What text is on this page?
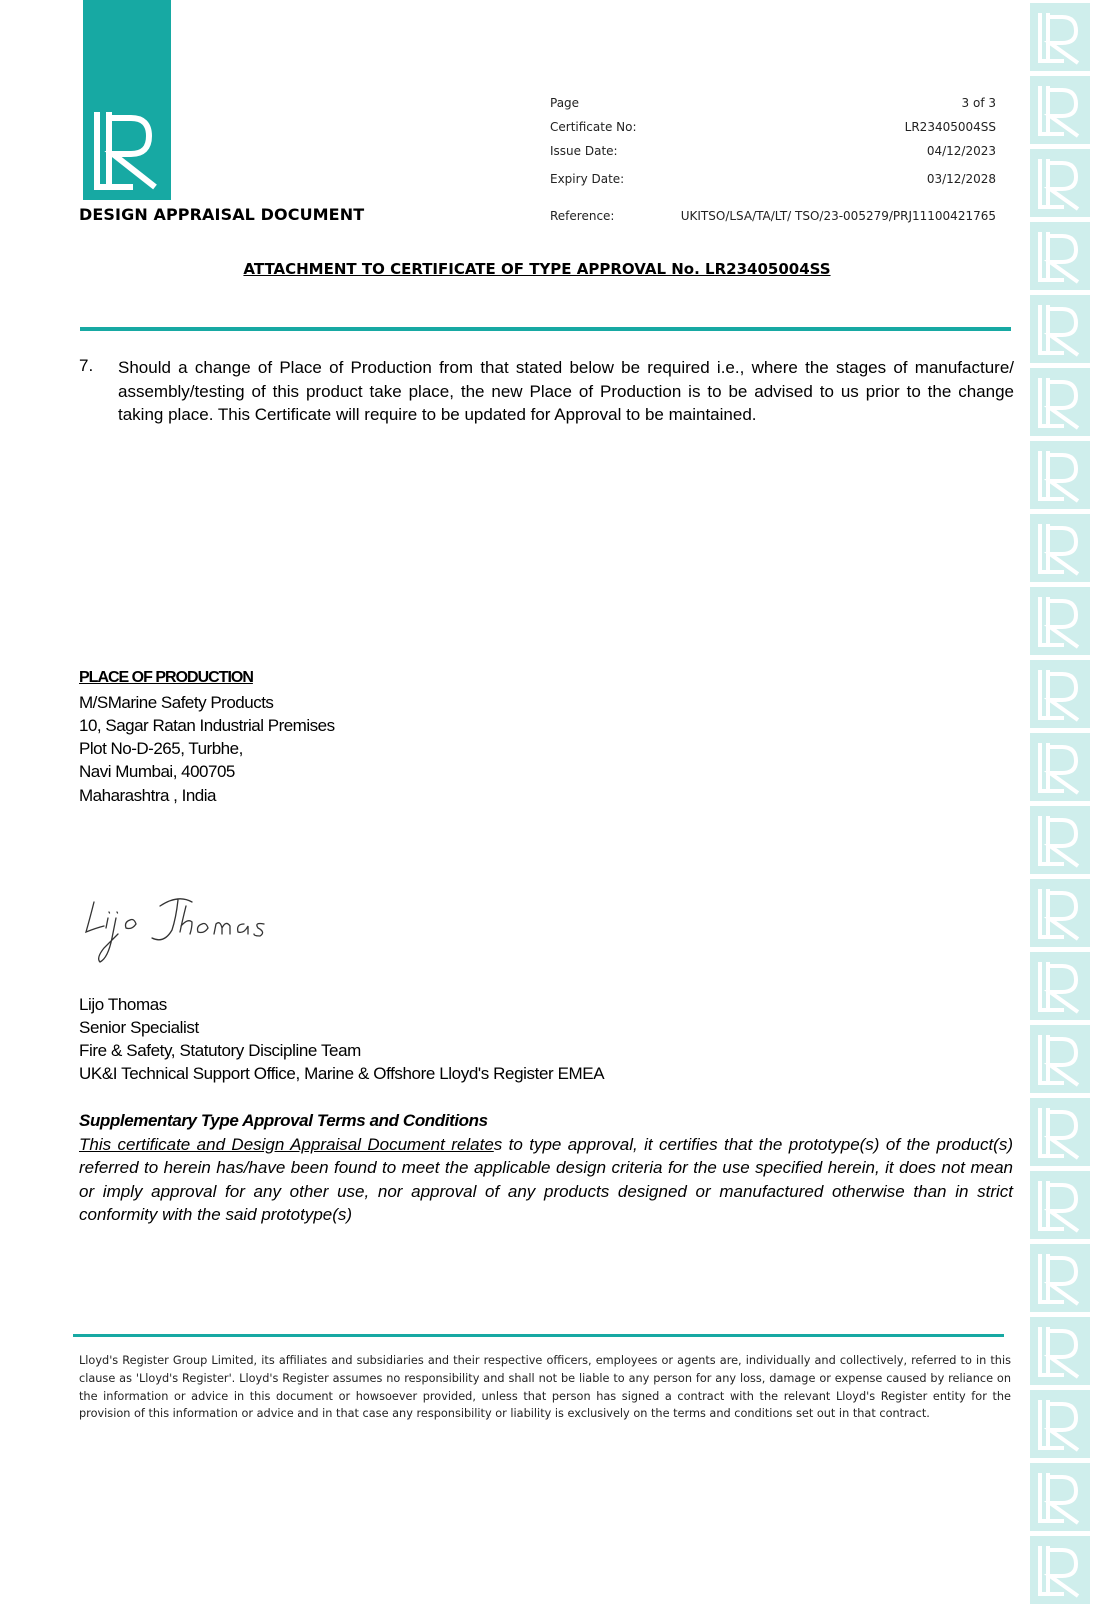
DESIGN APPRAISAL DOCUMENT
Page	3 of 3
Certificate No:	LR23405004SS
Issue Date:	04/12/2023
Expiry Date:	03/12/2028
Reference:	UKITSO/LSA/TA/LT/ TSO/23-005279/PRJ11100421765
ATTACHMENT TO CERTIFICATE OF TYPE APPROVAL No. LR23405004SS
7. Should a change of Place of Production from that stated below be required i.e., where the stages of manufacture/ assembly/testing of this product take place, the new Place of Production is to be advised to us prior to the change taking place. This Certificate will require to be updated for Approval to be maintained.
PLACE OF PRODUCTION
M/SMarine Safety Products
10, Sagar Ratan Industrial Premises
Plot No-D-265, Turbhe,
Navi Mumbai, 400705
Maharashtra , India
Lijo Thomas
Senior Specialist
Fire & Safety, Statutory Discipline Team
UK&I Technical Support Office, Marine & Offshore Lloyd's Register EMEA
Supplementary Type Approval Terms and Conditions
This certificate and Design Appraisal Document relates to type approval, it certifies that the prototype(s) of the product(s) referred to herein has/have been found to meet the applicable design criteria for the use specified herein, it does not mean or imply approval for any other use, nor approval of any products designed or manufactured otherwise than in strict conformity with the said prototype(s)
Lloyd's Register Group Limited, its affiliates and subsidiaries and their respective officers, employees or agents are, individually and collectively, referred to in this clause as 'Lloyd's Register'. Lloyd's Register assumes no responsibility and shall not be liable to any person for any loss, damage or expense caused by reliance on the information or advice in this document or howsoever provided, unless that person has signed a contract with the relevant Lloyd's Register entity for the provision of this information or advice and in that case any responsibility or liability is exclusively on the terms and conditions set out in that contract.
